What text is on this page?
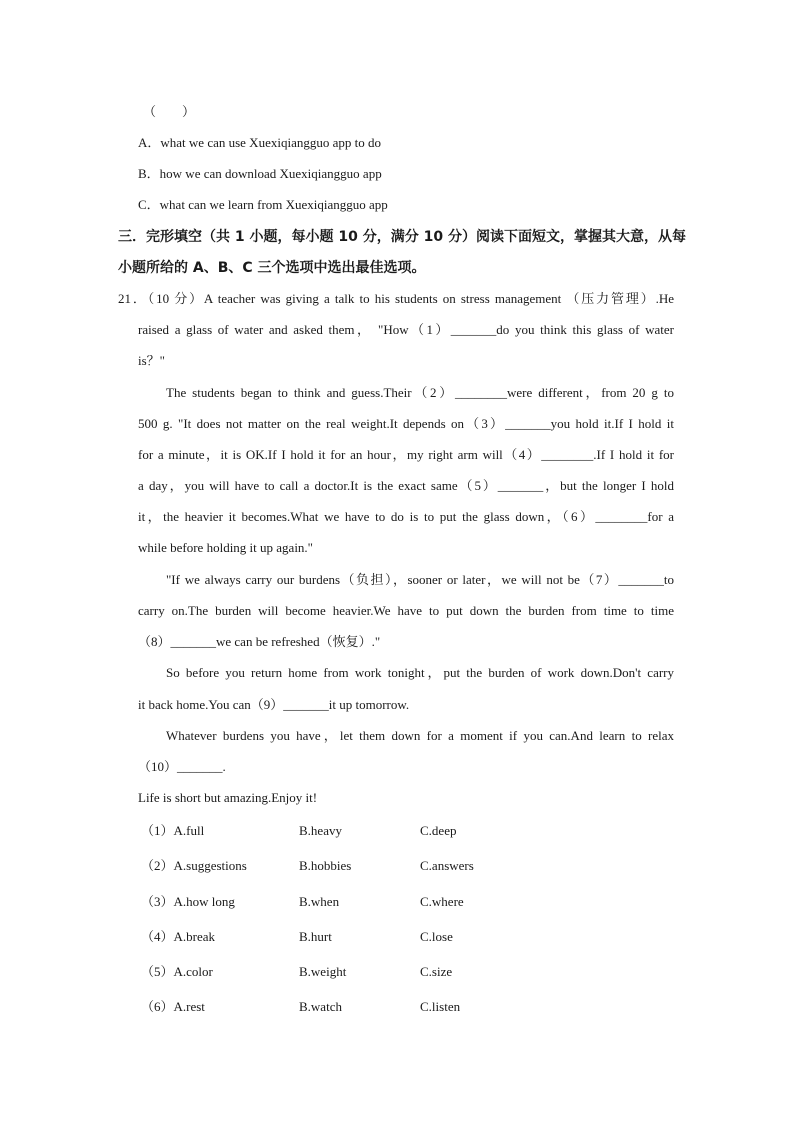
（　　）
A．what we can use Xuexiqiangguo app to do
B．how we can download Xuexiqiangguo app
C．what can we learn from Xuexiqiangguo app
三．完形填空（共 1 小题，每小题 10 分，满分 10 分）阅读下面短文，掌握其大意，从每
小题所给的 A、B、C 三个选项中选出最佳选项。
21．（10 分）A teacher was giving a talk to his students on stress management （压力管理）.He
raised a glass of water and asked them， "How（1）_______do you think this glass of water
is？"
The students began to think and guess.Their（2）________were different，from 20 g to
500 g. "It does not matter on the real weight.It depends on（3）_______you hold it.If I hold it
for a minute，it is OK.If I hold it for an hour，my right arm will（4）________.If I hold it for
a day，you will have to call a doctor.It is the exact same（5）_______，but the longer I hold
it，the heavier it becomes.What we have to do is to put the glass down，（6）________for a
while before holding it up again."
"If we always carry our burdens（负担），sooner or later，we will not be（7）_______to
carry on.The burden will become heavier.We have to put down the burden from time to time
（8）_______we can be refreshed（恢复）."
So before you return home from work tonight，put the burden of work down.Don't carry
it back home.You can（9）_______it up tomorrow.
Whatever burdens you have，let them down for a moment if you can.And learn to relax
（10）_______.
Life is short but amazing.Enjoy it!
（1）A.full	B.heavy	C.deep
（2）A.suggestions	B.hobbies	C.answers
（3）A.how long	B.when	C.where
（4）A.break	B.hurt	C.lose
（5）A.color	B.weight	C.size
（6）A.rest	B.watch	C.listen
